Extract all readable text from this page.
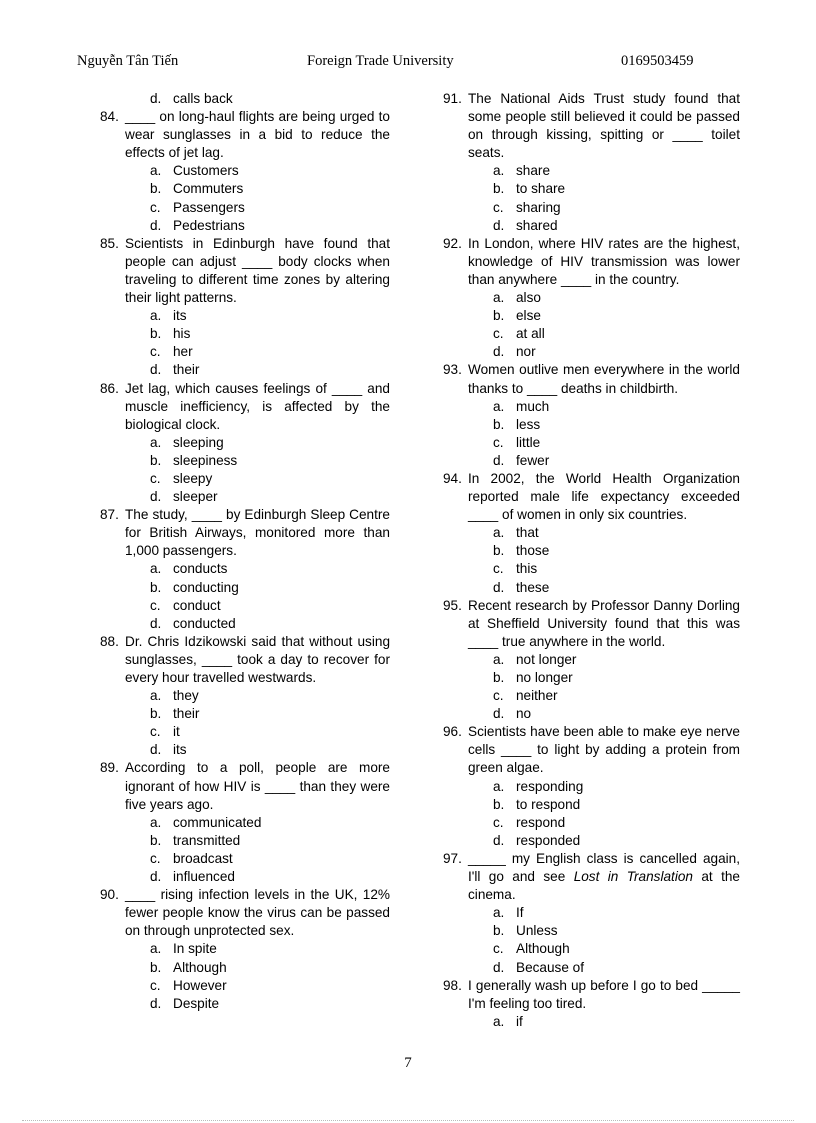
Nguyễn Tân Tiến	Foreign Trade University	0169503459
d. calls back
84. ____ on long-haul flights are being urged to wear sunglasses in a bid to reduce the effects of jet lag.
a. Customers
b. Commuters
c. Passengers
d. Pedestrians
85. Scientists in Edinburgh have found that people can adjust ____ body clocks when traveling to different time zones by altering their light patterns.
a. its
b. his
c. her
d. their
86. Jet lag, which causes feelings of ____ and muscle inefficiency, is affected by the biological clock.
a. sleeping
b. sleepiness
c. sleepy
d. sleeper
87. The study, ____ by Edinburgh Sleep Centre for British Airways, monitored more than 1,000 passengers.
a. conducts
b. conducting
c. conduct
d. conducted
88. Dr. Chris Idzikowski said that without using sunglasses, ____ took a day to recover for every hour travelled westwards.
a. they
b. their
c. it
d. its
89. According to a poll, people are more ignorant of how HIV is ____ than they were five years ago.
a. communicated
b. transmitted
c. broadcast
d. influenced
90. ____ rising infection levels in the UK, 12% fewer people know the virus can be passed on through unprotected sex.
a. In spite
b. Although
c. However
d. Despite
91. The National Aids Trust study found that some people still believed it could be passed on through kissing, spitting or ____ toilet seats.
a. share
b. to share
c. sharing
d. shared
92. In London, where HIV rates are the highest, knowledge of HIV transmission was lower than anywhere ____ in the country.
a. also
b. else
c. at all
d. nor
93. Women outlive men everywhere in the world thanks to ____ deaths in childbirth.
a. much
b. less
c. little
d. fewer
94. In 2002, the World Health Organization reported male life expectancy exceeded ____ of women in only six countries.
a. that
b. those
c. this
d. these
95. Recent research by Professor Danny Dorling at Sheffield University found that this was ____ true anywhere in the world.
a. not longer
b. no longer
c. neither
d. no
96. Scientists have been able to make eye nerve cells ____ to light by adding a protein from green algae.
a. responding
b. to respond
c. respond
d. responded
97. _____ my English class is cancelled again, I'll go and see Lost in Translation at the cinema.
a. If
b. Unless
c. Although
d. Because of
98. I generally wash up before I go to bed _____ I'm feeling too tired.
a. if
7
